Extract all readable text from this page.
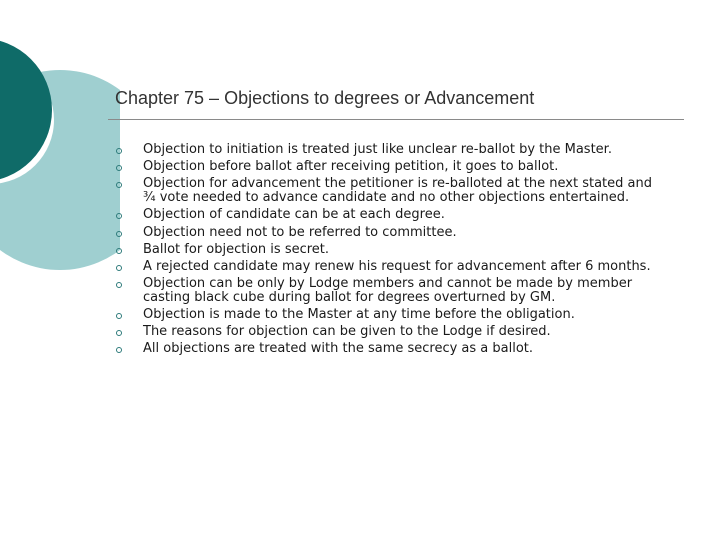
Chapter 75 – Objections to degrees or Advancement
Objection to initiation is treated just like unclear re-ballot by the Master.
Objection before ballot after receiving petition, it goes to ballot.
Objection for advancement the petitioner is re-balloted at the next stated and ¾ vote needed to advance candidate and no other objections entertained.
Objection of candidate can be at each degree.
Objection need not to be referred to committee.
Ballot for objection is secret.
A rejected candidate may renew his request for advancement after 6 months.
Objection can be only by Lodge members and cannot be made by member casting black cube during ballot for degrees overturned by GM.
Objection is made to the Master at any time before the obligation.
The reasons for objection can be given to the Lodge if desired.
All objections are treated with the same secrecy as a ballot.
